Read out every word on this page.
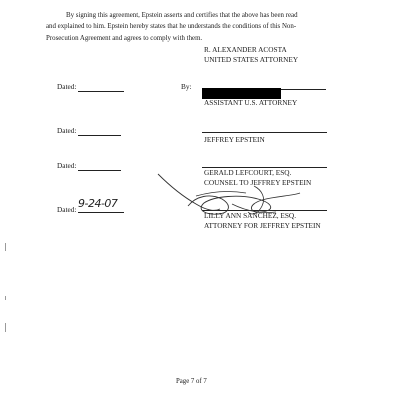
By signing this agreement, Epstein asserts and certifies that the above has been read
and explained to him. Epstein hereby states that he understands the conditions of this Non-
Prosecution Agreement and agrees to comply with them.
R. ALEXANDER ACOSTA
UNITED STATES ATTORNEY
Dated:	By:
ASSISTANT U.S. ATTORNEY
Dated:
JEFFREY EPSTEIN
Dated:
GERALD LEFCOURT, ESQ.
COUNSEL TO JEFFREY EPSTEIN
Dated: 9-24-07
LILLY ANN SANCHEZ, ESQ.
ATTORNEY FOR JEFFREY EPSTEIN
Page 7 of 7
